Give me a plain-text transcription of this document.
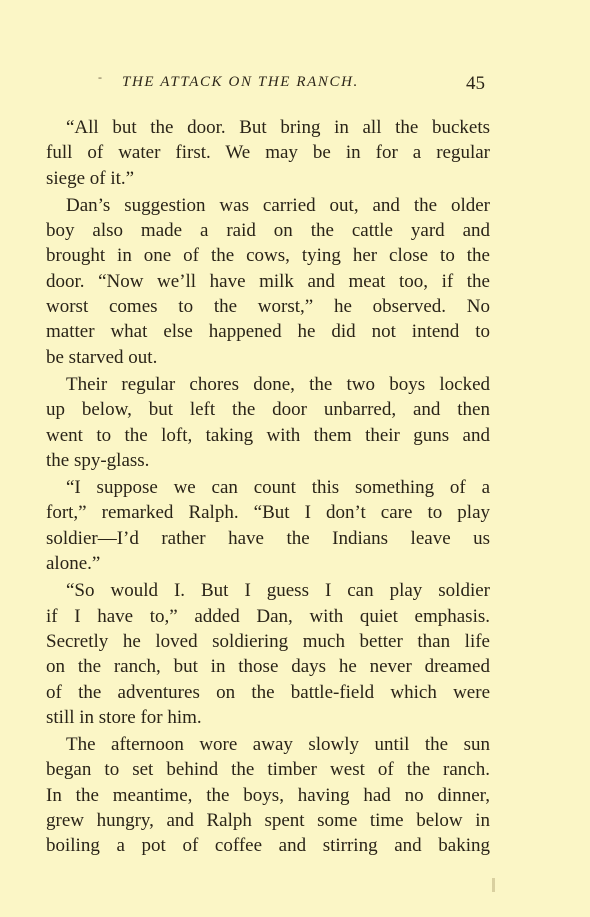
- THE ATTACK ON THE RANCH.	45

“All but the door. But bring in all the buckets
full of water first. We may be in for a regular
siege of it.”

Dan’s suggestion was carried out, and the older
boy also made a raid on the cattle yard and
brought in one of the cows, tying her close to the
door. “Now we’ll have milk and meat too, if the
worst comes to the worst,” he observed. No
matter what else happened he did not intend to
be starved out.

Their regular chores done, the two boys locked
up below, but left the door unbarred, and then
went to the loft, taking with them their guns and
the spy-glass.

“I suppose we can count this something of a
fort,” remarked Ralph. “But I don’t care to play
soldier—I’d rather have the Indians leave us
alone.”

“So would I. But I guess I can play soldier
if I have to,” added Dan, with quiet emphasis.
Secretly he loved soldiering much better than life
on the ranch, but in those days he never dreamed
of the adventures on the battle-field which were
still in store for him.

The afternoon wore away slowly until the sun
began to set behind the timber west of the ranch.
In the meantime, the boys, having had no dinner,
grew hungry, and Ralph spent some time below in
boiling a pot of coffee and stirring and baking
